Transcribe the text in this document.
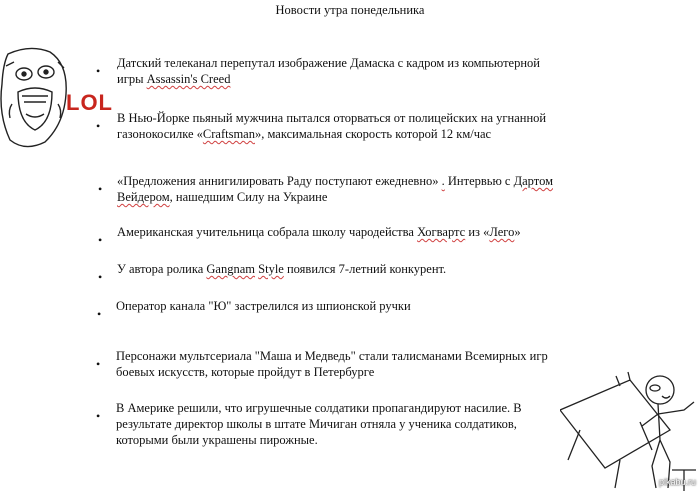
Новости утра понедельника
LOL
pikabu.ru
•
Датский телеканал перепутал изображение Дамаска с кадром из компьютерной
игры Assassin's Creed
•
В Нью-Йорке пьяный мужчина пытался оторваться от полицейских на угнанной
газонокосилке «Craftsman», максимальная скорость которой 12 км/час
•
«Предложения аннигилировать Раду поступают ежедневно» . Интервью с Дартом
Вейдером, нашедшим Силу на Украине
•
Американская учительница собрала школу чародейства Хогвартс из «Лего»
•
У автора ролика Gangnam Style появился 7-летний конкурент.
•
Оператор канала "Ю" застрелился из шпионской ручки
•
Персонажи мультсериала "Маша и Медведь" стали талисманами Всемирных игр
боевых искусств, которые пройдут в Петербурге
•
В Америке решили, что игрушечные солдатики пропагандируют насилие. В
результате директор школы в штате Мичиган отняла у ученика солдатиков,
которыми были украшены пирожные.
